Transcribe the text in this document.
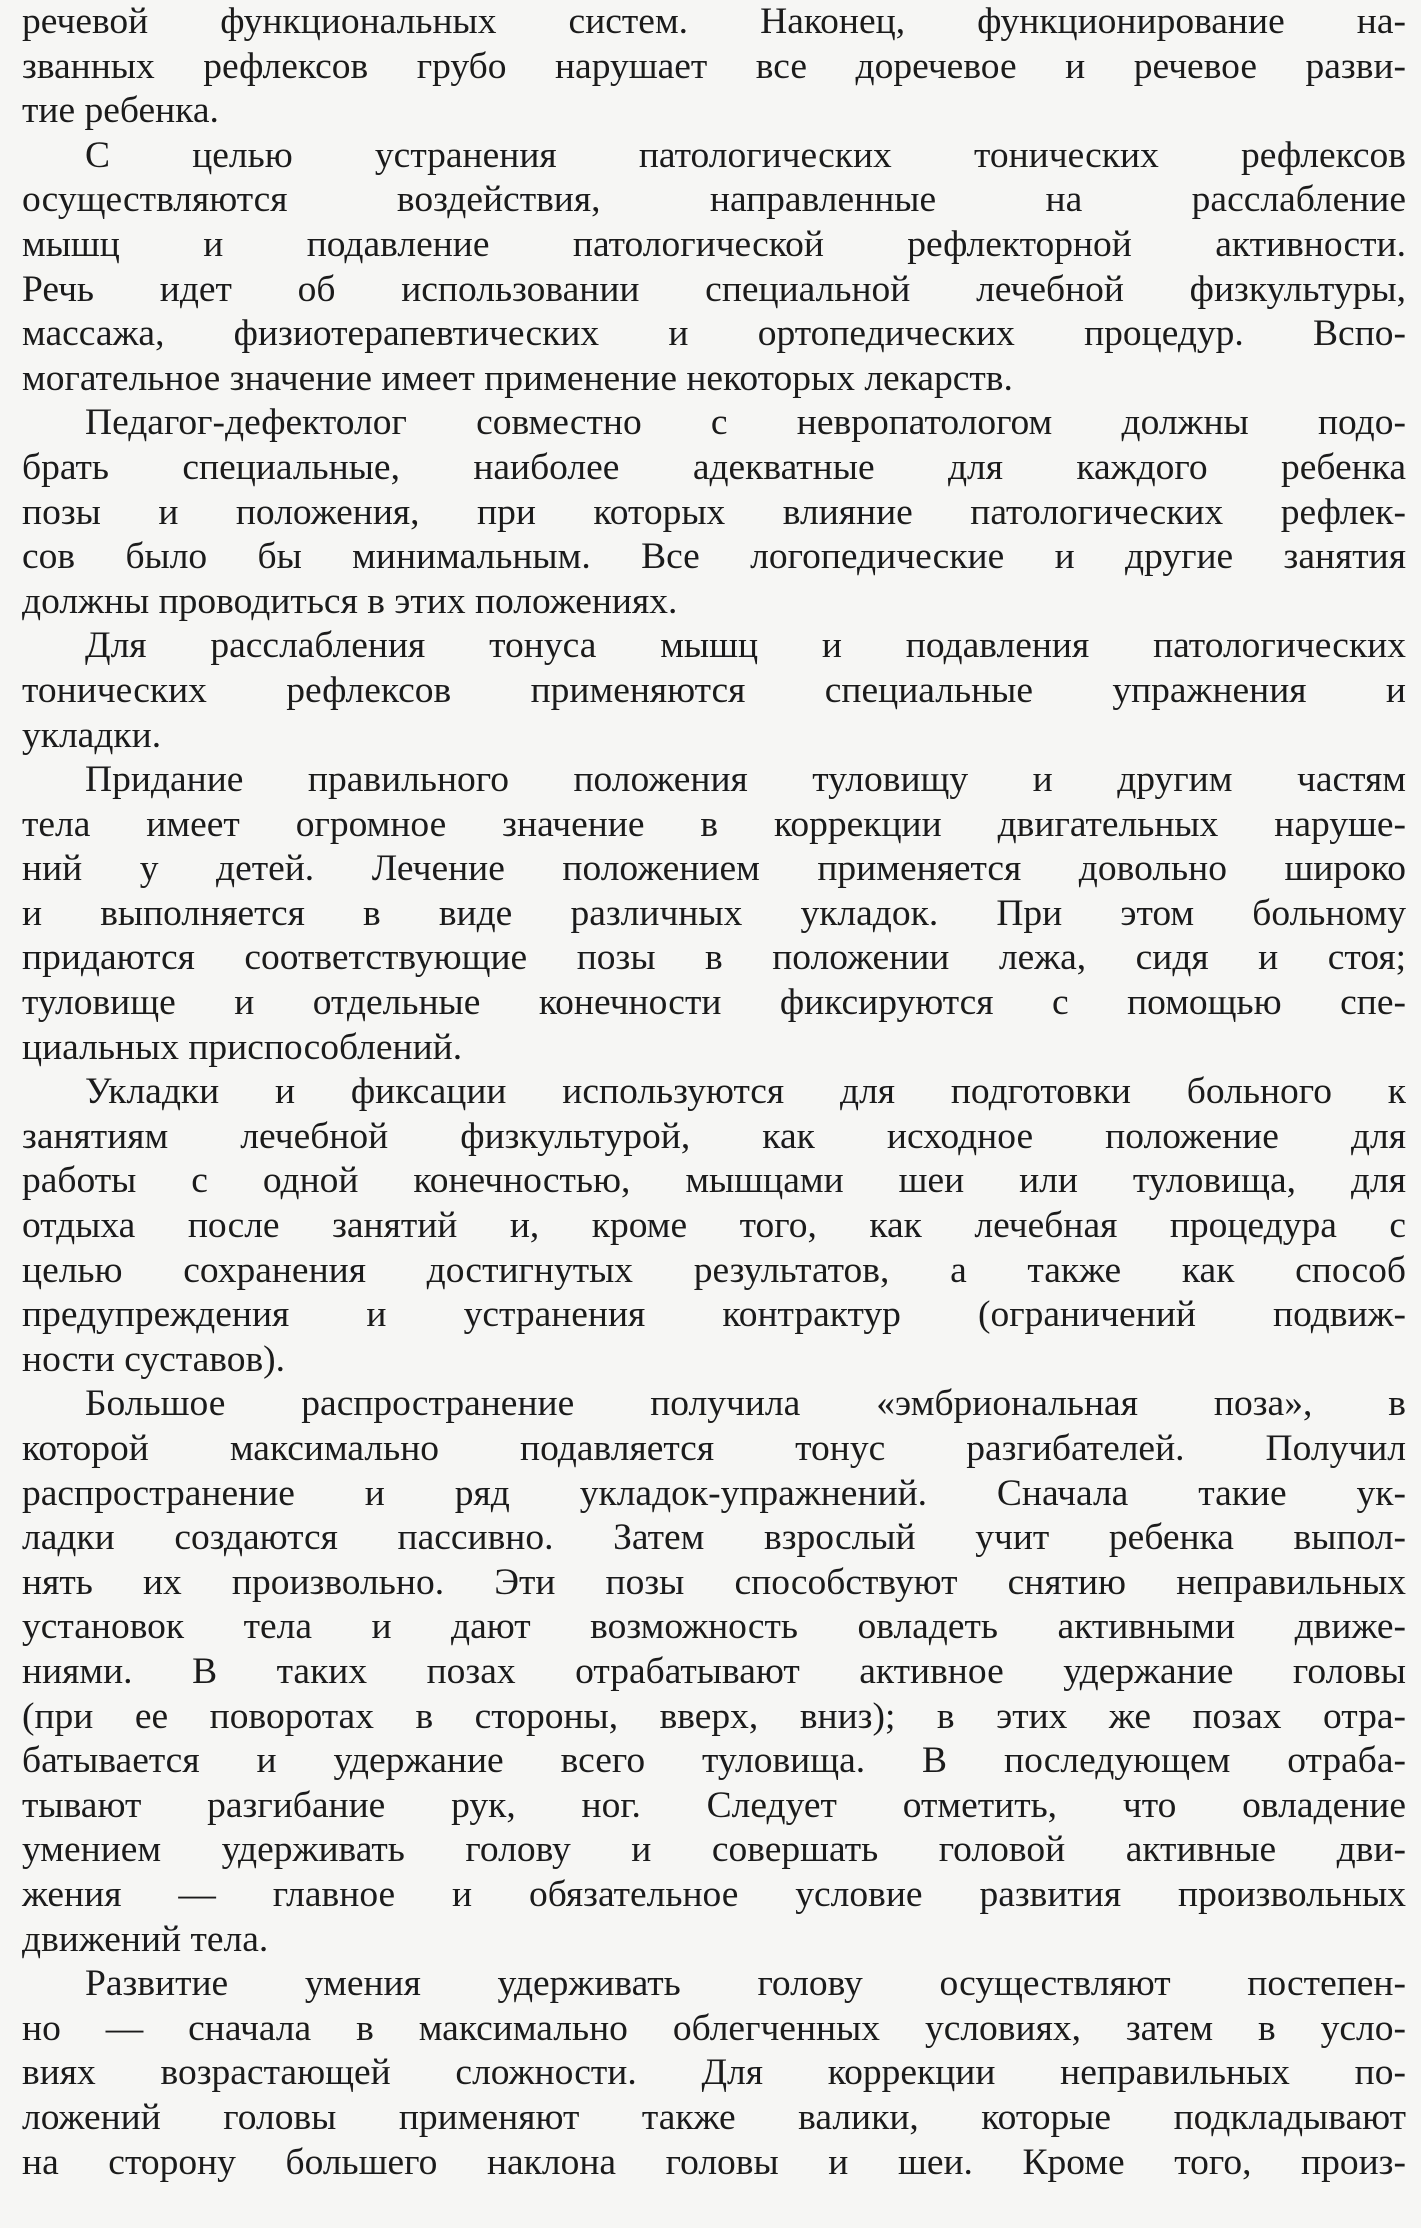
речевой функциональных систем. Наконец, функционирование на-
званных рефлексов грубо нарушает все доречевое и речевое разви-
тие ребенка.
С целью устранения патологических тонических рефлексов
осуществляются воздействия, направленные на расслабление
мышц и подавление патологической рефлекторной активности.
Речь идет об использовании специальной лечебной физкультуры,
массажа, физиотерапевтических и ортопедических процедур. Вспо-
могательное значение имеет применение некоторых лекарств.
Педагог-дефектолог совместно с невропатологом должны подо-
брать специальные, наиболее адекватные для каждого ребенка
позы и положения, при которых влияние патологических рефлек-
сов было бы минимальным. Все логопедические и другие занятия
должны проводиться в этих положениях.
Для расслабления тонуса мышц и подавления патологических
тонических рефлексов применяются специальные упражнения и
укладки.
Придание правильного положения туловищу и другим частям
тела имеет огромное значение в коррекции двигательных наруше-
ний у детей. Лечение положением применяется довольно широко
и выполняется в виде различных укладок. При этом больному
придаются соответствующие позы в положении лежа, сидя и стоя;
туловище и отдельные конечности фиксируются с помощью спе-
циальных приспособлений.
Укладки и фиксации используются для подготовки больного к
занятиям лечебной физкультурой, как исходное положение для
работы с одной конечностью, мышцами шеи или туловища, для
отдыха после занятий и, кроме того, как лечебная процедура с
целью сохранения достигнутых результатов, а также как способ
предупреждения и устранения контрактур (ограничений подвиж-
ности суставов).
Большое распространение получила «эмбриональная поза», в
которой максимально подавляется тонус разгибателей. Получил
распространение и ряд укладок-упражнений. Сначала такие ук-
ладки создаются пассивно. Затем взрослый учит ребенка выпол-
нять их произвольно. Эти позы способствуют снятию неправильных
установок тела и дают возможность овладеть активными движе-
ниями. В таких позах отрабатывают активное удержание головы
(при ее поворотах в стороны, вверх, вниз); в этих же позах отра-
батывается и удержание всего туловища. В последующем отраба-
тывают разгибание рук, ног. Следует отметить, что овладение
умением удерживать голову и совершать головой активные дви-
жения — главное и обязательное условие развития произвольных
движений тела.
Развитие умения удерживать голову осуществляют постепен-
но — сначала в максимально облегченных условиях, затем в усло-
виях возрастающей сложности. Для коррекции неправильных по-
ложений головы применяют также валики, которые подкладывают
на сторону большего наклона головы и шеи. Кроме того, произ-
